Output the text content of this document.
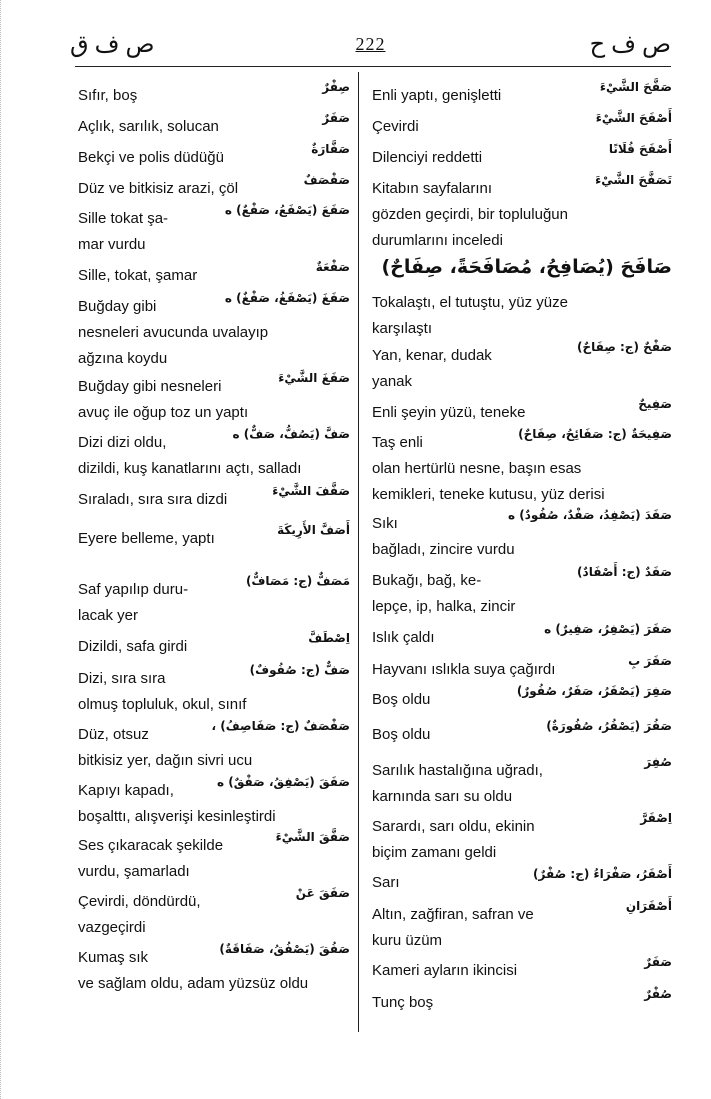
ص ف ق	222	ص ف ح
صِفْرٌ
Sıfır, boş
صَفَرٌ
Açlık, sarılık, solucan
صَفَّارَةٌ
Bekçi ve polis düdüğü
صَفْصَفٌ
Düz ve bitkisiz arazi, çöl
صَفَعَ (يَصْفَعُ، صَفْعٌ) ه
Sille tokat şa-
mar vurdu
صَفْعَةٌ
Sille, tokat, şamar
صَفَغَ (يَصْفَغُ، صَفْغٌ) ه
Buğday gibi
nesneleri avucunda uvalayıp
ağzına koydu
صَفَغَ الشَّيْءَ
Buğday gibi nesneleri
avuç ile oğup toz un yaptı
صَفَّ (يَصُفُّ، صَفٌّ) ه
Dizi dizi oldu,
dizildi, kuş kanatlarını açtı, salladı
صَفَّفَ الشَّيْءَ
Sıraladı, sıra sıra dizdi
أَصَفَّ الأَرِيكَةَ
Eyere belleme, yaptı
مَصَفٌّ (ج: مَصَافٌّ)
Saf yapılıp duru-
lacak yer
اِصْطَفَّ
Dizildi, safa girdi
صَفٌّ (ج: صُفُوفٌ)
Dizi, sıra sıra
olmuş topluluk, okul, sınıf
صَفْصَفٌ (ج: صَفَاصِفُ) ،
Düz, otsuz
bitkisiz yer, dağın sivri ucu
صَفَقَ (يَصْفِقُ، صَفْقٌ) ه
Kapıyı kapadı,
boşalttı, alışverişi kesinleştirdi
صَفَّقَ الشَّيْءَ
Ses çıkaracak şekilde
vurdu, şamarladı
صَفَقَ عَنْ
Çevirdi, döndürdü,
vazgeçirdi
صَفُقَ (يَصْفُقُ، صَفَاقَةٌ)
Kumaş sık
ve sağlam oldu, adam yüzsüz oldu
صَفَّحَ الشَّيْءَ
Enli yaptı, genişletti
أَصْفَحَ الشَّيْءَ
Çevirdi
أَصْفَحَ فُلَانًا
Dilenciyi reddetti
تَصَفَّحَ الشَّيْءَ
Kitabın sayfalarını
gözden geçirdi, bir topluluğun
durumlarını inceledi
صَافَحَ (يُصَافِحُ، مُصَافَحَةً، صِفَاحٌ)
Tokalaştı, el tutuştu, yüz yüze
karşılaştı
صَفْحٌ (ج: صِفَاحٌ)
Yan, kenar, dudak
yanak
صَفِيحٌ
Enli şeyin yüzü, teneke
صَفِيحَةٌ (ج: صَفَائِحُ، صِفَاحٌ)
Taş enli
olan hertürlü nesne, başın esas
kemikleri, teneke kutusu, yüz derisi
صَفَدَ (يَصْفِدُ، صَفْدٌ، صُفُودٌ) ه
Sıkı
bağladı, zincire vurdu
صَفَدٌ (ج: أَصْفَادٌ)
Bukağı, bağ, ke-
lepçe, ip, halka, zincir
صَفَرَ (يَصْفِرُ، صَفِيرٌ) ه
Islık çaldı
صَفَرَ بِ
Hayvanı ıslıkla suya çağırdı
صَفِرَ (يَصْفَرُ، صَفَرٌ، صُفُورٌ)
Boş oldu
صَفُرَ (يَصْفُرُ، صُفُورَةٌ)
Boş oldu
صُفِرَ
Sarılık hastalığına uğradı,
karnında sarı su oldu
اِصْفَرَّ
Sarardı, sarı oldu, ekinin
biçim zamanı geldi
أَصْفَرُ، صَفْرَاءُ (ج: صُفْرٌ)
Sarı
أَصْفَرَانِ
Altın, zağfiran, safran ve
kuru üzüm
صَفَرٌ
Kameri ayların ikincisi
صُفْرٌ
Tunç boş
